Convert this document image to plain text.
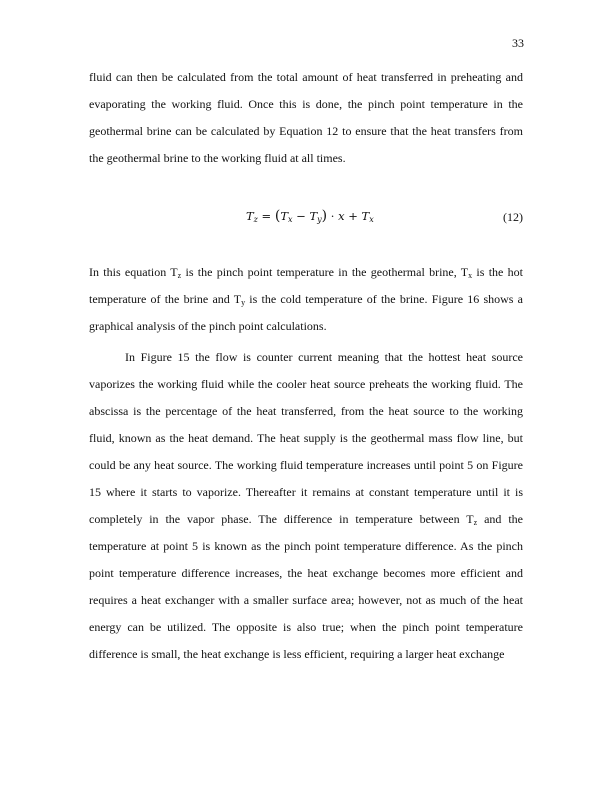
33
fluid can then be calculated from the total amount of heat transferred in preheating and
evaporating the working fluid. Once this is done, the pinch point temperature in the
geothermal brine can be calculated by Equation 12 to ensure that the heat transfers from
the geothermal brine to the working fluid at all times.
$T_z = (T_x - T_y) \cdot x + T_x$	(12)
In this equation $T_z$ is the pinch point temperature in the geothermal brine, $T_x$ is the hot
temperature of the brine and $T_y$ is the cold temperature of the brine. Figure 16 shows a
graphical analysis of the pinch point calculations.
In Figure 15 the flow is counter current meaning that the hottest heat source
vaporizes the working fluid while the cooler heat source preheats the working fluid. The
abscissa is the percentage of the heat transferred, from the heat source to the working
fluid, known as the heat demand. The heat supply is the geothermal mass flow line, but
could be any heat source. The working fluid temperature increases until point 5 on Figure
15 where it starts to vaporize. Thereafter it remains at constant temperature until it is
completely in the vapor phase. The difference in temperature between $T_z$ and the
temperature at point 5 is known as the pinch point temperature difference. As the pinch
point temperature difference increases, the heat exchange becomes more efficient and
requires a heat exchanger with a smaller surface area; however, not as much of the heat
energy can be utilized. The opposite is also true; when the pinch point temperature
difference is small, the heat exchange is less efficient, requiring a larger heat exchange
